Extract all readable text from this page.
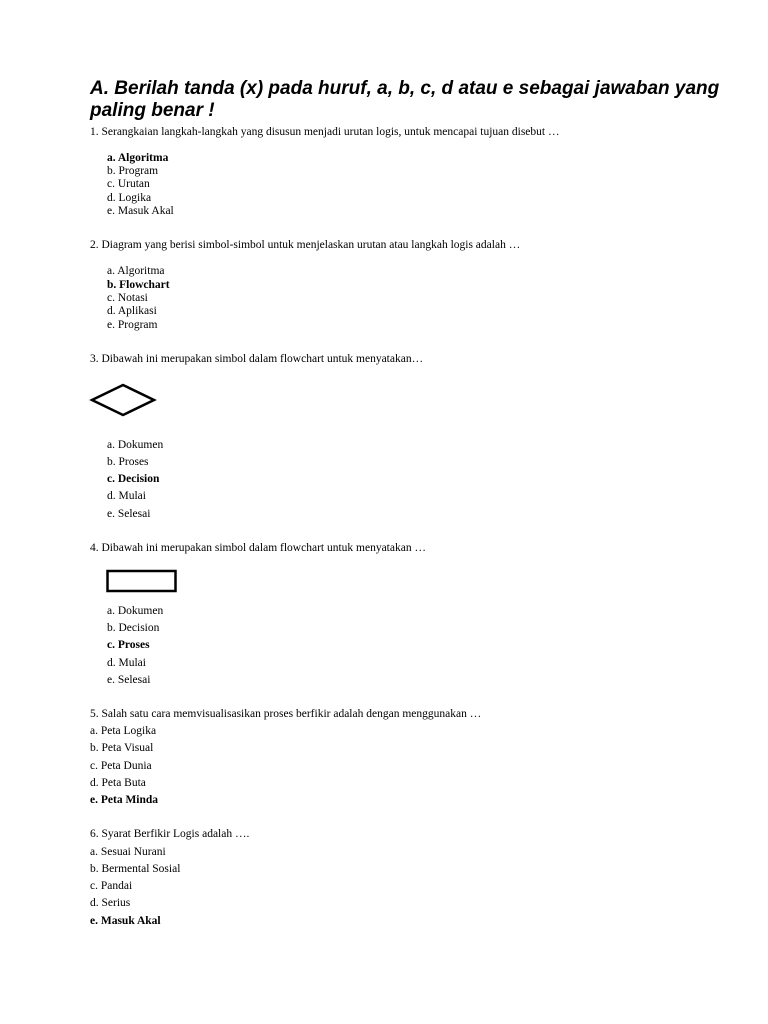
A. Berilah tanda (x) pada huruf, a, b, c, d atau e sebagai jawaban yang paling benar !
1. Serangkaian langkah-langkah yang disusun menjadi urutan logis, untuk mencapai tujuan disebut …
a. Algoritma
b. Program
c. Urutan
d. Logika
e. Masuk Akal
2. Diagram yang berisi simbol-simbol untuk menjelaskan urutan atau langkah logis adalah …
a. Algoritma
b. Flowchart
c. Notasi
d. Aplikasi
e. Program
3. Dibawah ini merupakan simbol dalam flowchart untuk menyatakan…
a. Dokumen
b. Proses
c. Decision
d. Mulai
e. Selesai
4. Dibawah ini merupakan simbol dalam flowchart untuk menyatakan …
a. Dokumen
b. Decision
c. Proses
d. Mulai
e. Selesai
5. Salah satu cara memvisualisasikan proses berfikir adalah dengan menggunakan …
a. Peta Logika
b. Peta Visual
c. Peta Dunia
d. Peta Buta
e. Peta Minda
6. Syarat Berfikir Logis adalah ….
a. Sesuai Nurani
b. Bermental Sosial
c. Pandai
d. Serius
e. Masuk Akal
